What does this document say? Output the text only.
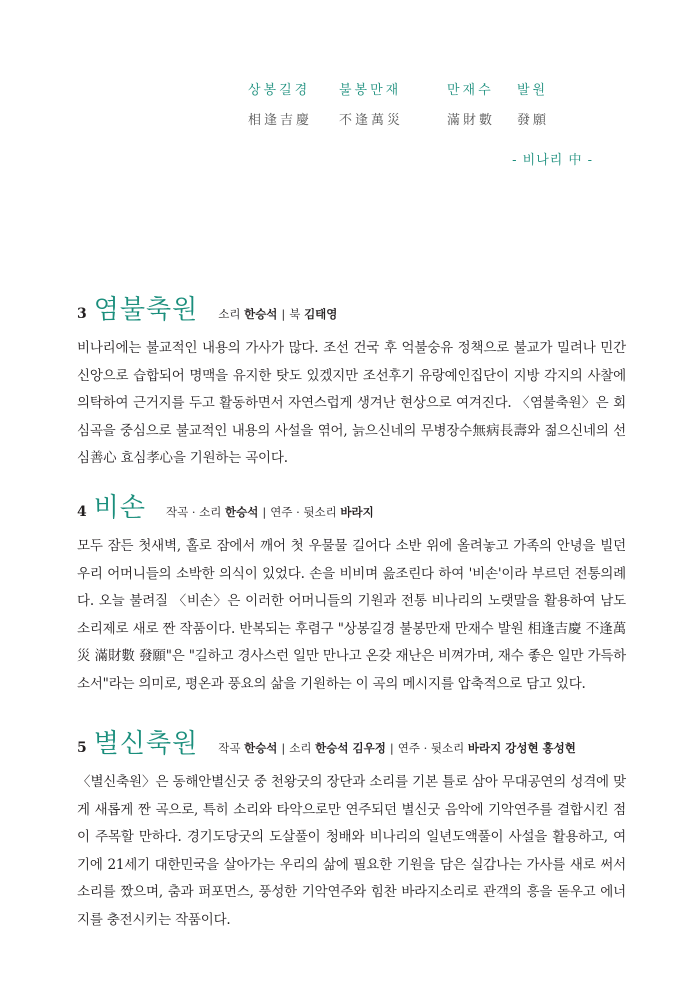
상봉길경	불봉만재	만재수	발원
相逢吉慶	不逢萬災	滿財數	發願
- 비나리 中 -
3 염불축원 소리 한승석 | 북 김태영
비나리에는 불교적인 내용의 가사가 많다. 조선 건국 후 억불숭유 정책으로 불교가 밀려나 민간신앙으로 습합되어 명맥을 유지한 탓도 있겠지만 조선후기 유랑예인집단이 지방 각지의 사찰에 의탁하여 근거지를 두고 활동하면서 자연스럽게 생겨난 현상으로 여겨진다. 〈염불축원〉은 회심곡을 중심으로 불교적인 내용의 사설을 엮어, 늙으신네의 무병장수無病長壽와 젊으신네의 선심善心 효심孝心을 기원하는 곡이다.
4 비손 작곡 · 소리 한승석 | 연주 · 뒷소리 바라지
모두 잠든 첫새벽, 홀로 잠에서 깨어 첫 우물물 길어다 소반 위에 올려놓고 가족의 안녕을 빌던 우리 어머니들의 소박한 의식이 있었다. 손을 비비며 읊조린다 하여 '비손'이라 부르던 전통의례다. 오늘 불려질 〈비손〉은 이러한 어머니들의 기원과 전통 비나리의 노랫말을 활용하여 남도소리제로 새로 짠 작품이다. 반복되는 후렴구 "상봉길경 불봉만재 만재수 발원 相逢吉慶 不逢萬災 滿財數 發願"은 "길하고 경사스런 일만 만나고 온갖 재난은 비껴가며, 재수 좋은 일만 가득하소서"라는 의미로, 평온과 풍요의 삶을 기원하는 이 곡의 메시지를 압축적으로 담고 있다.
5 별신축원 작곡 한승석 | 소리 한승석 김우정 | 연주 · 뒷소리 바라지 강성현 홍성현
〈별신축원〉은 동해안별신굿 중 천왕굿의 장단과 소리를 기본 틀로 삼아 무대공연의 성격에 맞게 새롭게 짠 곡으로, 특히 소리와 타악으로만 연주되던 별신굿 음악에 기악연주를 결합시킨 점이 주목할 만하다. 경기도당굿의 도살풀이 청배와 비나리의 일년도액풀이 사설을 활용하고, 여기에 21세기 대한민국을 살아가는 우리의 삶에 필요한 기원을 담은 실감나는 가사를 새로 써서 소리를 짰으며, 춤과 퍼포먼스, 풍성한 기악연주와 힘찬 바라지소리로 관객의 흥을 돋우고 에너지를 충전시키는 작품이다.
